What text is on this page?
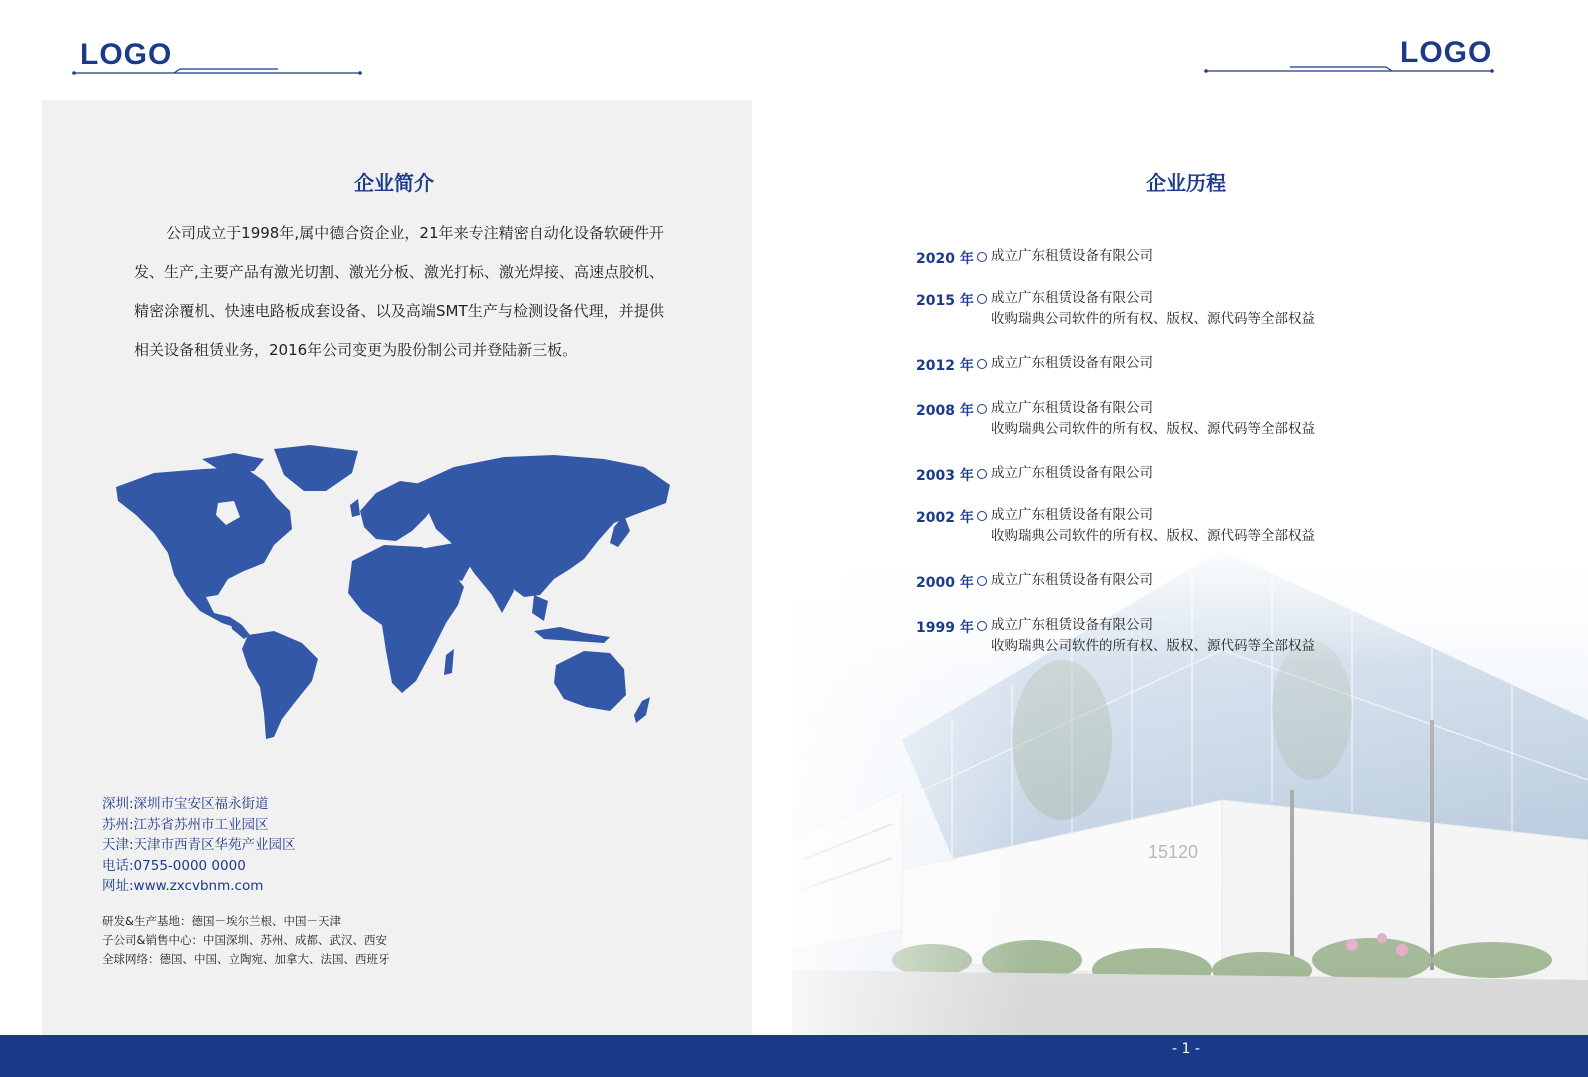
LOGO	LOGO
企业简介

公司成立于1998年,属中德合资企业，21年来专注精密自动化设备软硬件开发、生产,主要产品有激光切割、激光分板、激光打标、激光焊接、高速点胶机、精密涂覆机、快速电路板成套设备、以及高端SMT生产与检测设备代理，并提供相关设备租赁业务，2016年公司变更为股份制公司并登陆新三板。

深圳:深圳市宝安区福永街道
苏州:江苏省苏州市工业园区
天津:天津市西青区华苑产业园区
电话:0755-0000 0000
网址:www.zxcvbnm.com
研发&生产基地：德国－埃尔兰根、中国－天津
子公司&销售中心：中国深圳、苏州、成都、武汉、西安
全球网络：德国、中国、立陶宛、加拿大、法国、西班牙
企业历程
2020 年 成立广东租赁设备有限公司
2015 年 成立广东租赁设备有限公司
收购瑞典公司软件的所有权、版权、源代码等全部权益
2012 年 成立广东租赁设备有限公司
2008 年 成立广东租赁设备有限公司
收购瑞典公司软件的所有权、版权、源代码等全部权益
2003 年 成立广东租赁设备有限公司
2002 年 成立广东租赁设备有限公司
收购瑞典公司软件的所有权、版权、源代码等全部权益
2000 年 成立广东租赁设备有限公司
1999 年 成立广东租赁设备有限公司
收购瑞典公司软件的所有权、版权、源代码等全部权益
- 1 -
